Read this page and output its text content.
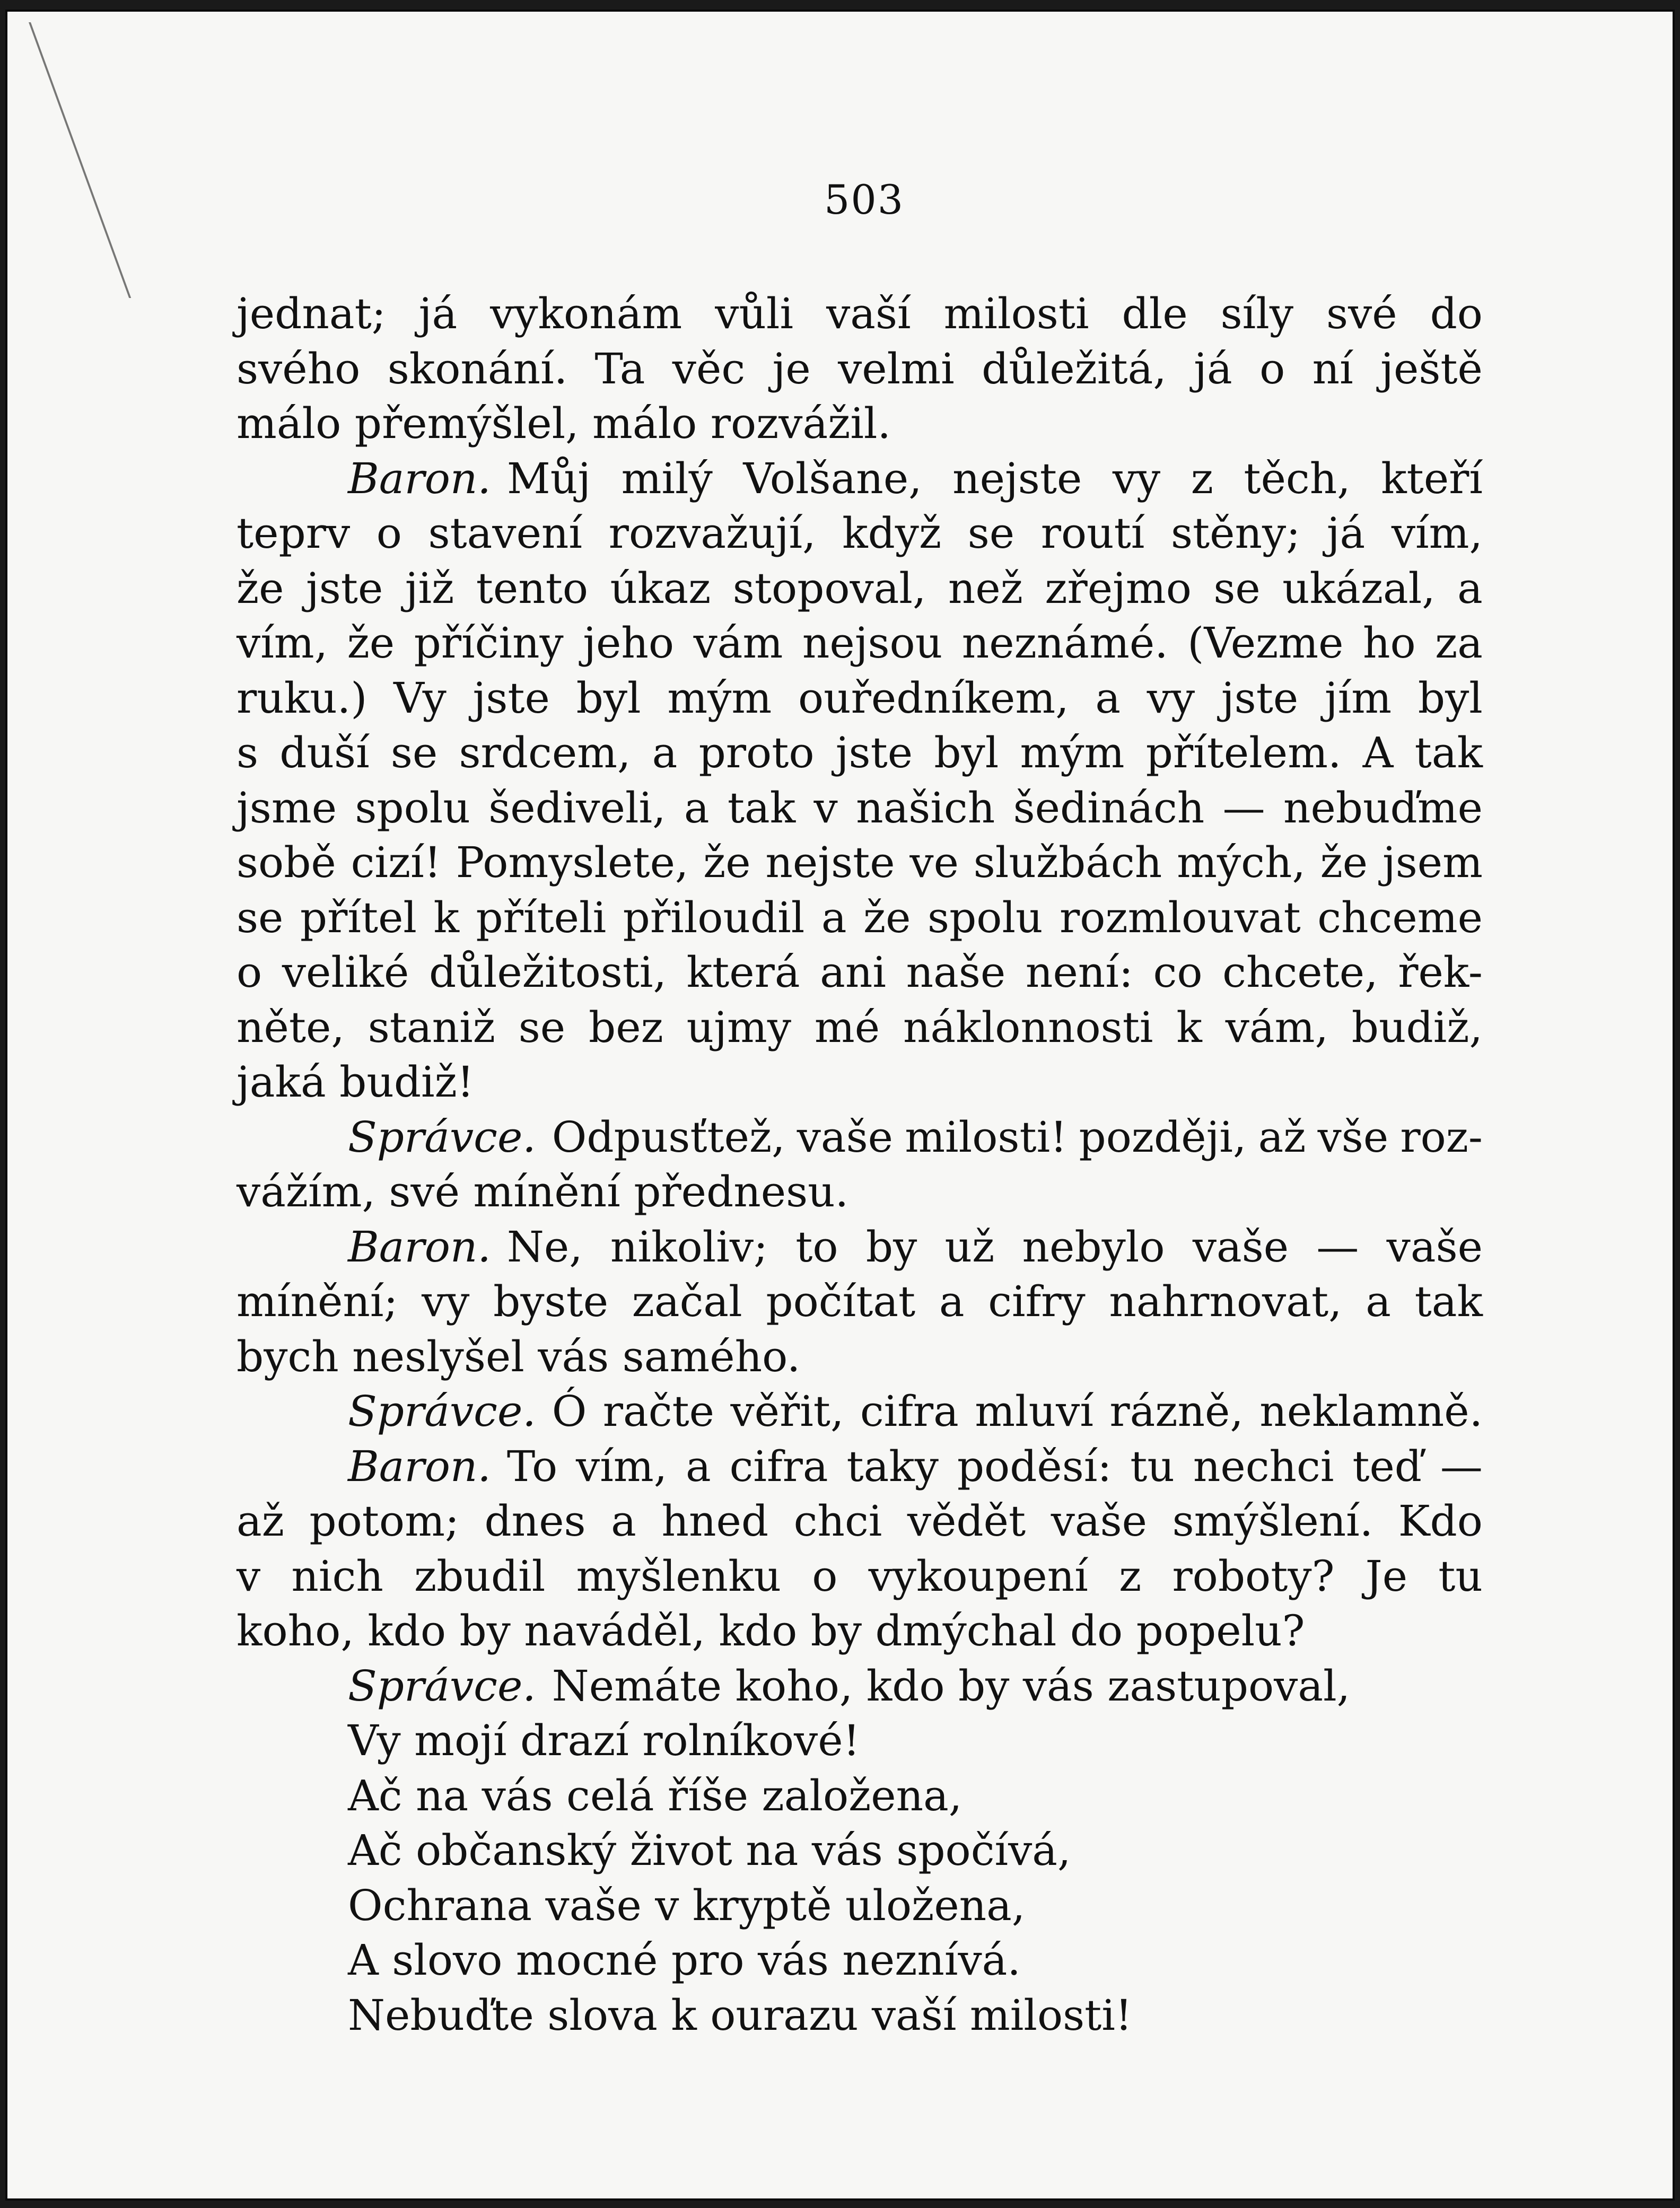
503
jednat; já vykonám vůli vaší milosti dle síly své do
svého skonání. Ta věc je velmi důležitá, já o ní ještě
málo přemýšlel, málo rozvážil.
Baron. Můj milý Volšane, nejste vy z těch, kteří
teprv o stavení rozvažují, když se routí stěny; já vím,
že jste již tento úkaz stopoval, než zřejmo se ukázal, a
vím, že příčiny jeho vám nejsou neznámé. (Vezme ho za
ruku.) Vy jste byl mým ouředníkem, a vy jste jím byl
s duší se srdcem, a proto jste byl mým přítelem. A tak
jsme spolu šediveli, a tak v našich šedinách — nebuďme
sobě cizí! Pomyslete, že nejste ve službách mých, že jsem
se přítel k příteli přiloudil a že spolu rozmlouvat chceme
o veliké důležitosti, která ani naše není: co chcete, řek-
něte, staniž se bez ujmy mé náklonnosti k vám, budiž,
jaká budiž!
Správce. Odpusťtež, vaše milosti! později, až vše roz-
vážím, své mínění přednesu.
Baron. Ne, nikoliv; to by už nebylo vaše — vaše
mínění; vy byste začal počítat a cifry nahrnovat, a tak
bych neslyšel vás samého.
Správce. Ó račte věřit, cifra mluví rázně, neklamně.
Baron. To vím, a cifra taky poděsí: tu nechci teď —
až potom; dnes a hned chci vědět vaše smýšlení. Kdo
v nich zbudil myšlenku o vykoupení z roboty? Je tu
koho, kdo by naváděl, kdo by dmýchal do popelu?
Správce. Nemáte koho, kdo by vás zastupoval,
Vy mojí drazí rolníkové!
Ač na vás celá říše založena,
Ač občanský život na vás spočívá,
Ochrana vaše v kryptě uložena,
A slovo mocné pro vás neznívá.
Nebuďte slova k ourazu vaší milosti!
